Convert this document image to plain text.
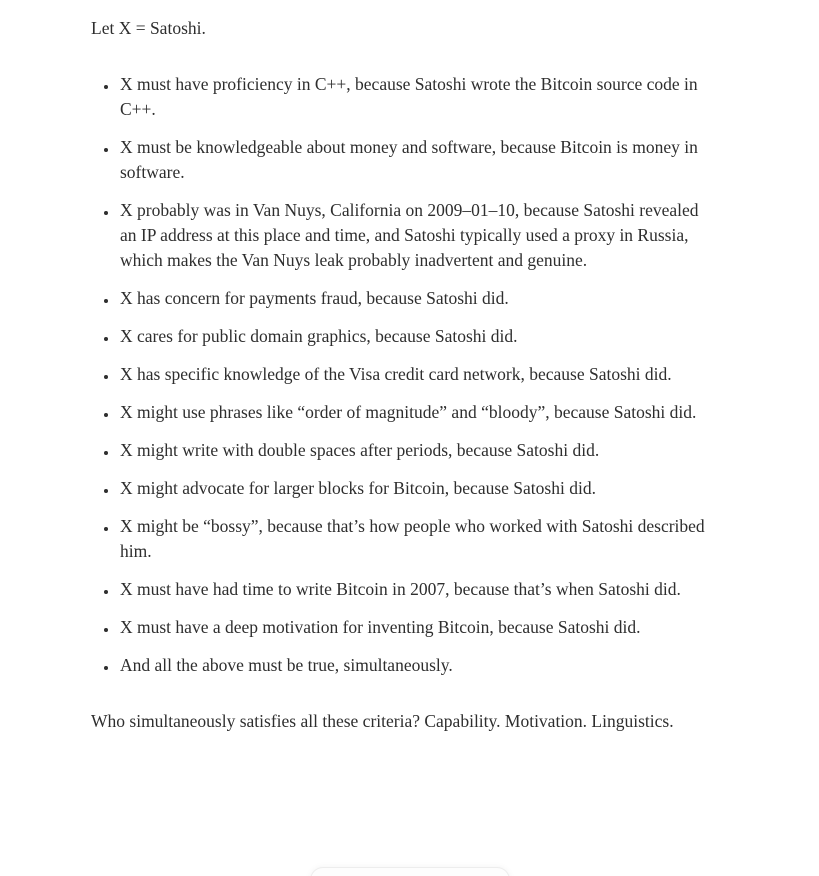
Let X = Satoshi.

• X must have proficiency in C++, because Satoshi wrote the Bitcoin source code in C++.
• X must be knowledgeable about money and software, because Bitcoin is money in software.
• X probably was in Van Nuys, California on 2009–01–10, because Satoshi revealed an IP address at this place and time, and Satoshi typically used a proxy in Russia, which makes the Van Nuys leak probably inadvertent and genuine.
• X has concern for payments fraud, because Satoshi did.
• X cares for public domain graphics, because Satoshi did.
• X has specific knowledge of the Visa credit card network, because Satoshi did.
• X might use phrases like “order of magnitude” and “bloody”, because Satoshi did.
• X might write with double spaces after periods, because Satoshi did.
• X might advocate for larger blocks for Bitcoin, because Satoshi did.
• X might be “bossy”, because that’s how people who worked with Satoshi described him.
• X must have had time to write Bitcoin in 2007, because that’s when Satoshi did.
• X must have a deep motivation for inventing Bitcoin, because Satoshi did.
• And all the above must be true, simultaneously.

Who simultaneously satisfies all these criteria? Capability. Motivation. Linguistics.
